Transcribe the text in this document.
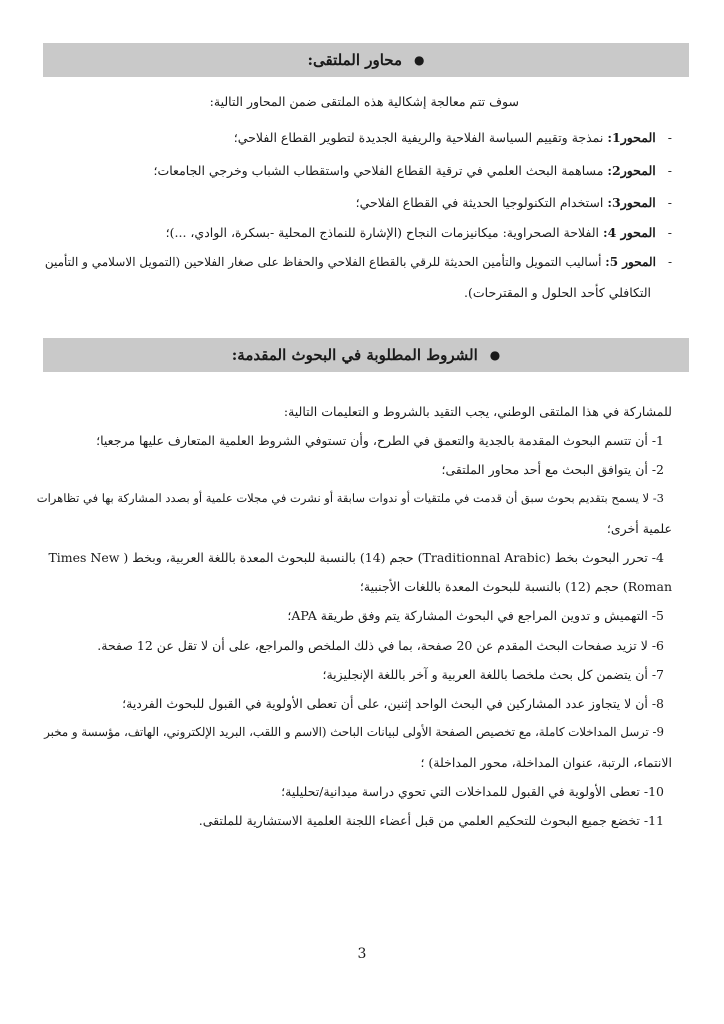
●
محاور الملتقى:
سوف تتم معالجة إشكالية هذه الملتقى ضمن المحاور التالية:
-المحور1: نمذجة وتقييم السياسة الفلاحية والريفية الجديدة لتطوير القطاع الفلاحي؛
-المحور2: مساهمة البحث العلمي في ترقية القطاع الفلاحي واستقطاب الشباب وخرجي الجامعات؛
-المحور3: استخدام التكنولوجيا الحديثة في القطاع الفلاحي؛
-المحور 4: الفلاحة الصحراوية: ميكانيزمات النجاح (الإشارة للنماذج المحلية -بسكرة، الوادي، ...)؛
-المحور 5: أساليب التمويل والتأمين الحديثة للرقي بالقطاع الفلاحي والحفاظ على صغار الفلاحين (التمويل الاسلامي و التأمين
التكافلي كأحد الحلول و المقترحات).
●
الشروط المطلوبة في البحوث المقدمة:
للمشاركة في هذا الملتقى الوطني، يجب التقيد بالشروط و التعليمات التالية:
1- أن تتسم البحوث المقدمة بالجدية والتعمق في الطرح، وأن تستوفي الشروط العلمية المتعارف عليها مرجعيا؛
2- أن يتوافق البحث مع أحد محاور الملتقى؛
3- لا يسمح بتقديم بحوث سبق أن قدمت في ملتقيات أو ندوات سابقة أو نشرت في مجلات علمية أو بصدد المشاركة بها في تظاهرات
علمية أخرى؛
4- تحرر البحوث بخط (Traditionnal Arabic) حجم (14) بالنسبة للبحوث المعدة باللغة العربية، وبخط ( Times New
Roman) حجم (12) بالنسبة للبحوث المعدة باللغات الأجنبية؛
5- التهميش و تدوين المراجع في البحوث المشاركة يتم وفق طريقة APA؛
6- لا تزيد صفحات البحث المقدم عن 20 صفحة، بما في ذلك الملخص والمراجع، على أن لا تقل عن 12 صفحة.
7- أن يتضمن كل بحث ملخصا باللغة العربية و آخر باللغة الإنجليزية؛
8- أن لا يتجاوز عدد المشاركين في البحث الواحد إثنين، على أن تعطى الأولوية في القبول للبحوث الفردية؛
9- ترسل المداخلات كاملة، مع تخصيص الصفحة الأولى لبيانات الباحث (الاسم و اللقب، البريد الإلكتروني، الهاتف، مؤسسة و مخبر
الانتماء، الرتبة، عنوان المداخلة، محور المداخلة) ؛
10- تعطى الأولوية في القبول للمداخلات التي تحوي دراسة ميدانية/تحليلية؛
11- تخضع جميع البحوث للتحكيم العلمي من قبل أعضاء اللجنة العلمية الاستشارية للملتقى.
3
